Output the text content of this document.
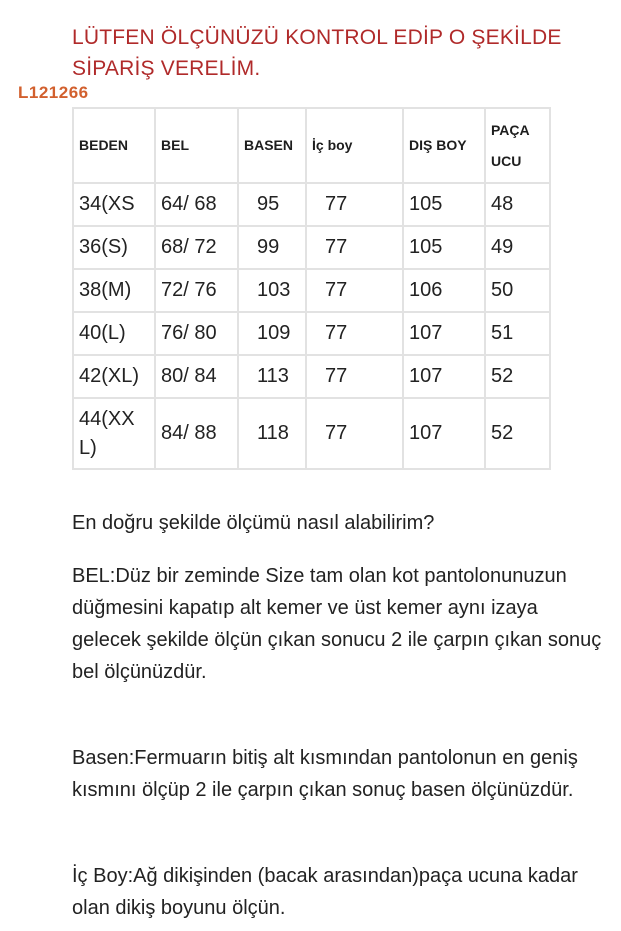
LÜTFEN ÖLÇÜNÜZÜ KONTROL EDİP O ŞEKİLDE SİPARİŞ VERELİM.
L121266
BEDEN	BEL	BASEN	İç boy	DIŞ BOY	PAÇA UCU
34(XS	64/ 68	95	77	105	48
36(S)	68/ 72	99	77	105	49
38(M)	72/ 76	103	77	106	50
40(L)	76/ 80	109	77	107	51
42(XL)	80/ 84	113	77	107	52
44(XXL)	84/ 88	118	77	107	52

En doğru şekilde ölçümü nasıl alabilirim?

BEL:Düz bir zeminde Size tam olan kot pantolonunuzun düğmesini kapatıp alt kemer ve üst kemer aynı izaya gelecek şekilde ölçün çıkan sonucu 2 ile çarpın çıkan sonuç bel ölçünüzdür.

Basen:Fermuarın bitiş alt kısmından pantolonun en geniş kısmını ölçüp 2 ile çarpın çıkan sonuç basen ölçünüzdür.

İç Boy:Ağ dikişinden (bacak arasından)paça ucuna kadar olan dikiş boyunu ölçün.
